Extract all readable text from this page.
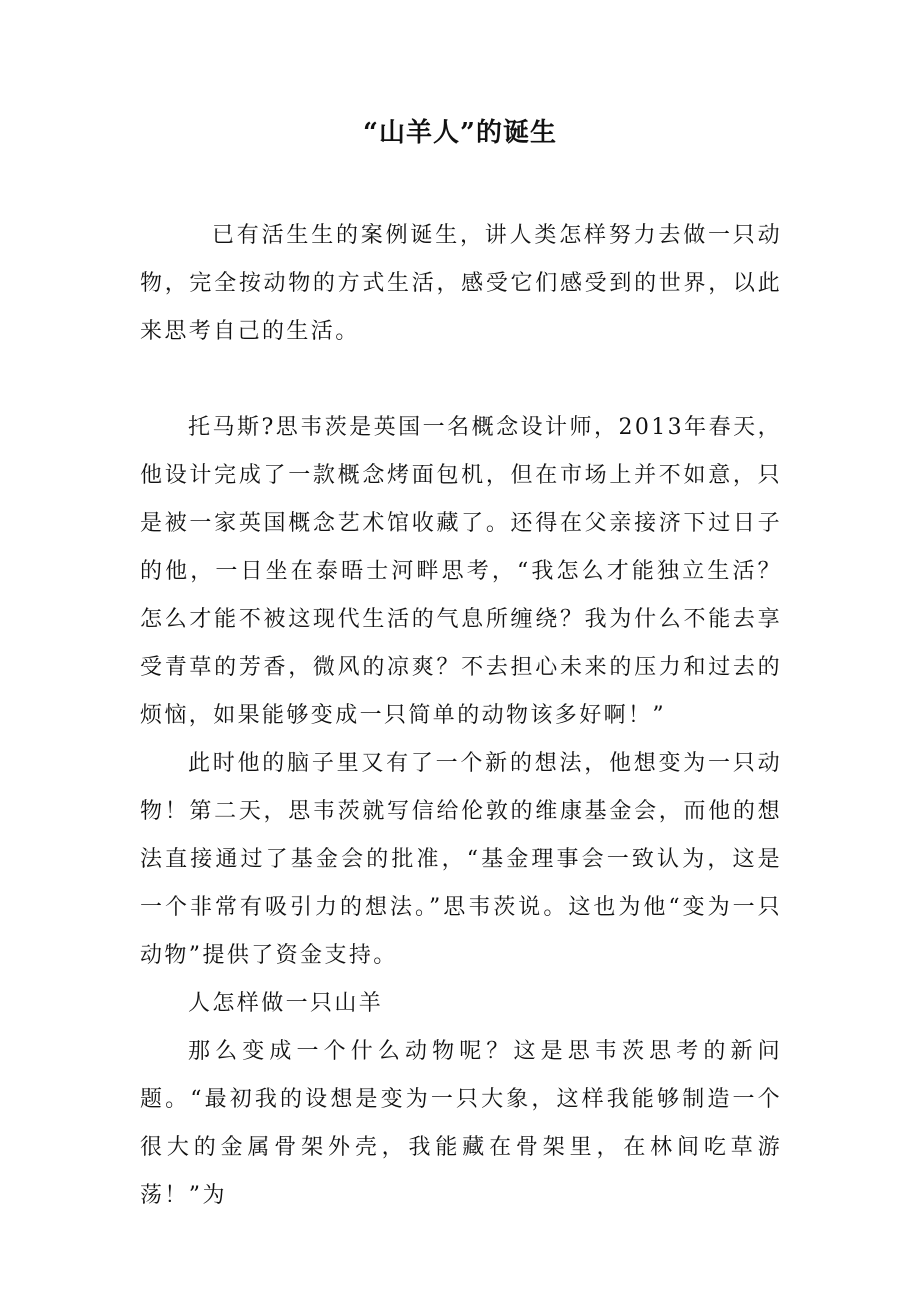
“山羊人”的诞生

已有活生生的案例诞生，讲人类怎样努力去做一只动物，完全按动物的方式生活，感受它们感受到的世界，以此来思考自己的生活。

托马斯?思韦茨是英国一名概念设计师，2013年春天，他设计完成了一款概念烤面包机，但在市场上并不如意，只是被一家英国概念艺术馆收藏了。还得在父亲接济下过日子的他，一日坐在泰晤士河畔思考，“我怎么才能独立生活？怎么才能不被这现代生活的气息所缠绕？我为什么不能去享受青草的芳香，微风的凉爽？不去担心未来的压力和过去的烦恼，如果能够变成一只简单的动物该多好啊！”

此时他的脑子里又有了一个新的想法，他想变为一只动物！第二天，思韦茨就写信给伦敦的维康基金会，而他的想法直接通过了基金会的批准，“基金理事会一致认为，这是一个非常有吸引力的想法。”思韦茨说。这也为他“变为一只动物”提供了资金支持。

人怎样做一只山羊

那么变成一个什么动物呢？这是思韦茨思考的新问题。“最初我的设想是变为一只大象，这样我能够制造一个很大的金属骨架外壳，我能藏在骨架里，在林间吃草游荡！”为
